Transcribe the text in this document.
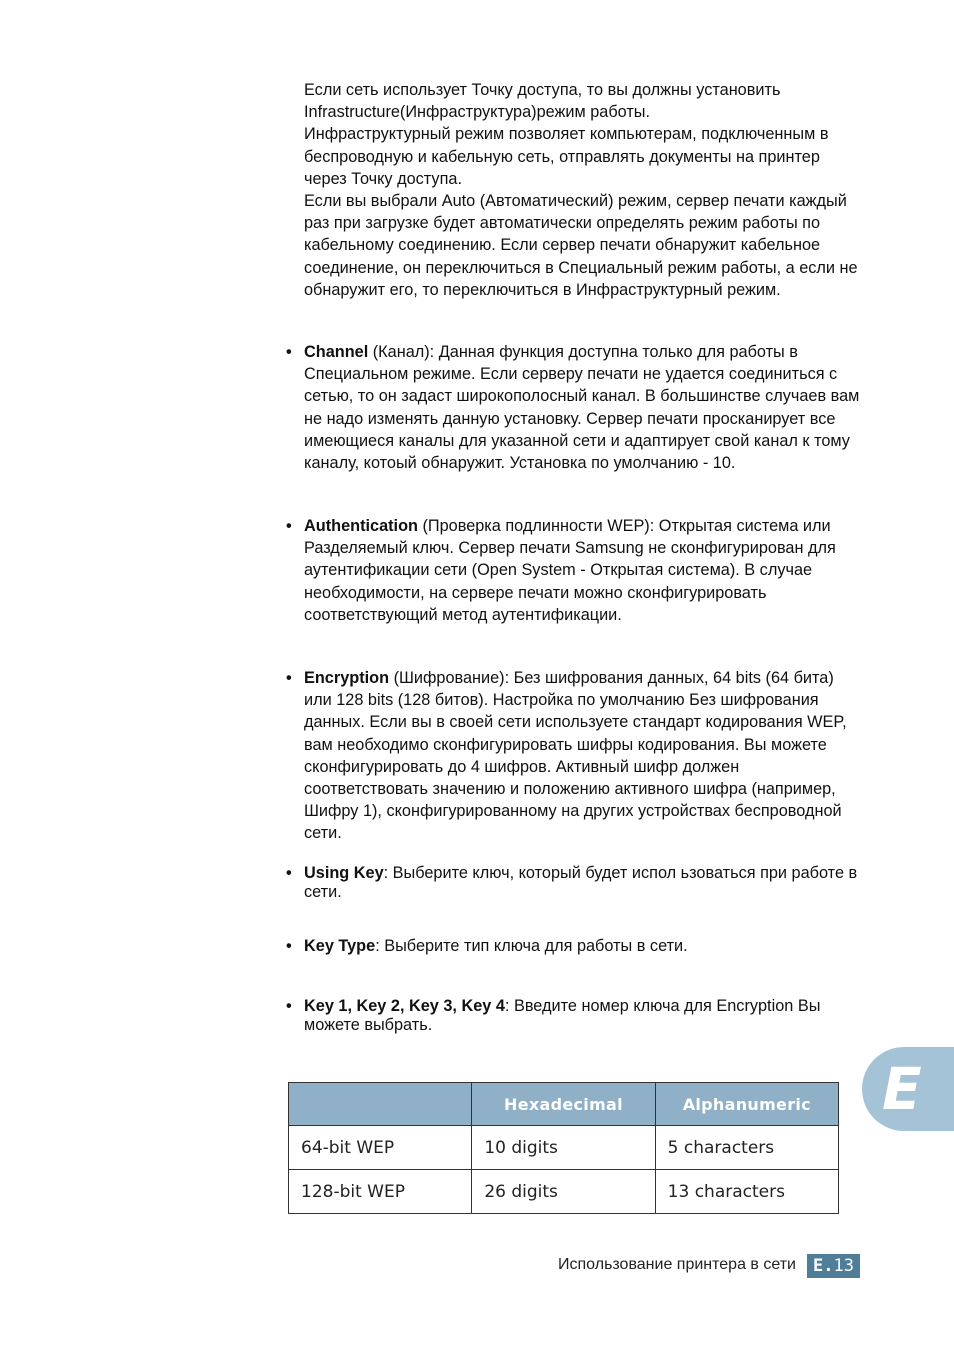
Если сеть использует Точку доступа, то вы должны установить Infrastructure(Инфраструктура)режим работы.

Инфраструктурный режим позволяет компьютерам, подключенным в беспроводную и кабельную сеть, отправлять документы на принтер через Точку доступа.

Если вы выбрали Auto (Автоматический) режим, сервер печати каждый раз при загрузке будет автоматически определять режим работы по кабельному соединению. Если сервер печати обнаружит кабельное соединение, он переключиться в Специальный режим работы, а если не обнаружит его, то переключиться в Инфраструктурный режим.

• Channel (Канал): Данная функция доступна только для работы в Специальном режиме. Если серверу печати не удается соединиться с сетью, то он задаст широкополосный канал. В большинстве случаев вам не надо изменять данную установку. Сервер печати просканирует все имеющиеся каналы для указанной сети и адаптирует свой канал к тому каналу, котоый обнаружит. Установка по умолчанию - 10.
• Authentication (Проверка подлинности WEP): Открытая система или Разделяемый ключ. Сервер печати Samsung не сконфигурирован для аутентификации сети (Open System - Открытая система). В случае необходимости, на сервере печати можно сконфигурировать соответствующий метод аутентификации.
• Encryption (Шифрование): Без шифрования данных, 64 bits (64 бита) или 128 bits (128 битов). Настройка по умолчанию Без шифрования данных. Если вы в своей сети используете стандарт кодирования WEP, вам необходимо сконфигурировать шифры кодирования. Вы можете сконфигурировать до 4 шифров. Активный шифр должен соответствовать значению и положению активного шифра (например, Шифру 1), сконфигурированному на других устройствах беспроводной сети.
• Using Key: Выберите ключ, который будет испол ьзоваться при работе в сети.
• Key Type: Выберите тип ключа для работы в сети.
• Key 1, Key 2, Key 3, Key 4: Введите номер ключа для Encryption Вы можете выбрать.
	Hexadecimal	Alphanumeric
64-bit WEP	10 digits	5 characters
128-bit WEP	26 digits	13 characters
E
Использование принтера в сети	E.13
